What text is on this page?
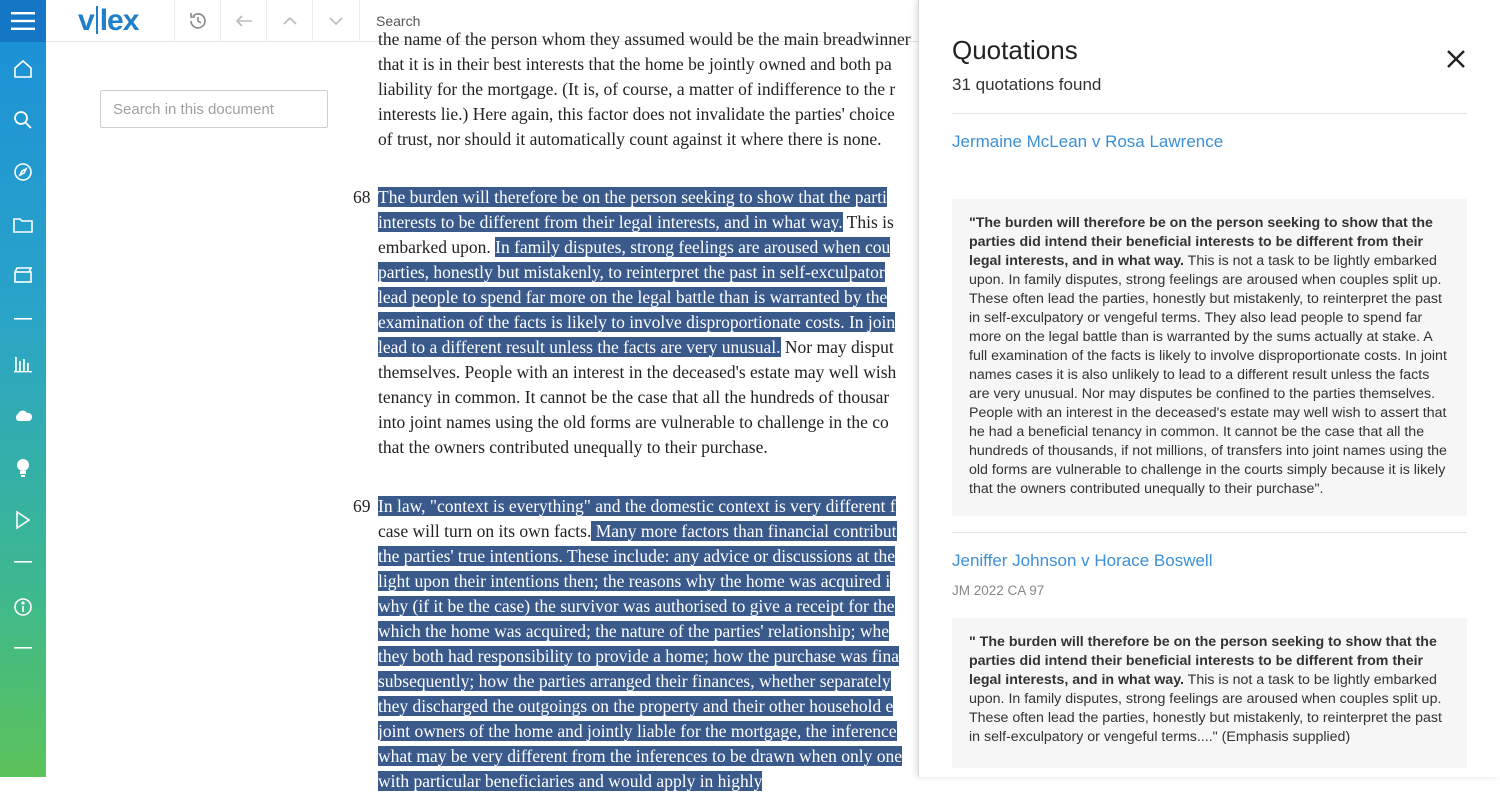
v lex	Search
Search in this document
the name of the person whom they assumed would be the main breadwinner
that it is in their best interests that the home be jointly owned and both pa
liability for the mortgage. (It is, of course, a matter of indifference to the r
interests lie.) Here again, this factor does not invalidate the parties' choice
of trust, nor should it automatically count against it where there is none.
68 The burden will therefore be on the person seeking to show that the parti
interests to be different from their legal interests, and in what way. This is
embarked upon. In family disputes, strong feelings are aroused when cou
parties, honestly but mistakenly, to reinterpret the past in self-exculpator
lead people to spend far more on the legal battle than is warranted by the
examination of the facts is likely to involve disproportionate costs. In join
lead to a different result unless the facts are very unusual. Nor may disput
themselves. People with an interest in the deceased's estate may well wish
tenancy in common. It cannot be the case that all the hundreds of thousar
into joint names using the old forms are vulnerable to challenge in the co
that the owners contributed unequally to their purchase.
69 In law, "context is everything" and the domestic context is very different f
case will turn on its own facts. Many more factors than financial contribut
the parties' true intentions. These include: any advice or discussions at the
light upon their intentions then; the reasons why the home was acquired i
why (if it be the case) the survivor was authorised to give a receipt for the
which the home was acquired; the nature of the parties' relationship; whe
they both had responsibility to provide a home; how the purchase was fina
subsequently; how the parties arranged their finances, whether separately
they discharged the outgoings on the property and their other household e
joint owners of the home and jointly liable for the mortgage, the inference
what may be very different from the inferences to be drawn when only one
with particular beneficiaries and would apply in highly
Quotations
31 quotations found
Jermaine McLean v Rosa Lawrence
"The burden will therefore be on the person seeking to show that the parties did intend their beneficial interests to be different from their legal interests, and in what way. This is not a task to be lightly embarked upon. In family disputes, strong feelings are aroused when couples split up. These often lead the parties, honestly but mistakenly, to reinterpret the past in self-exculpatory or vengeful terms. They also lead people to spend far more on the legal battle than is warranted by the sums actually at stake. A full examination of the facts is likely to involve disproportionate costs. In joint names cases it is also unlikely to lead to a different result unless the facts are very unusual. Nor may disputes be confined to the parties themselves. People with an interest in the deceased's estate may well wish to assert that he had a beneficial tenancy in common. It cannot be the case that all the hundreds of thousands, if not millions, of transfers into joint names using the old forms are vulnerable to challenge in the courts simply because it is likely that the owners contributed unequally to their purchase".
Jeniffer Johnson v Horace Boswell
JM 2022 CA 97
" The burden will therefore be on the person seeking to show that the parties did intend their beneficial interests to be different from their legal interests, and in what way. This is not a task to be lightly embarked upon. In family disputes, strong feelings are aroused when couples split up. These often lead the parties, honestly but mistakenly, to reinterpret the past in self-exculpatory or vengeful terms...." (Emphasis supplied)
